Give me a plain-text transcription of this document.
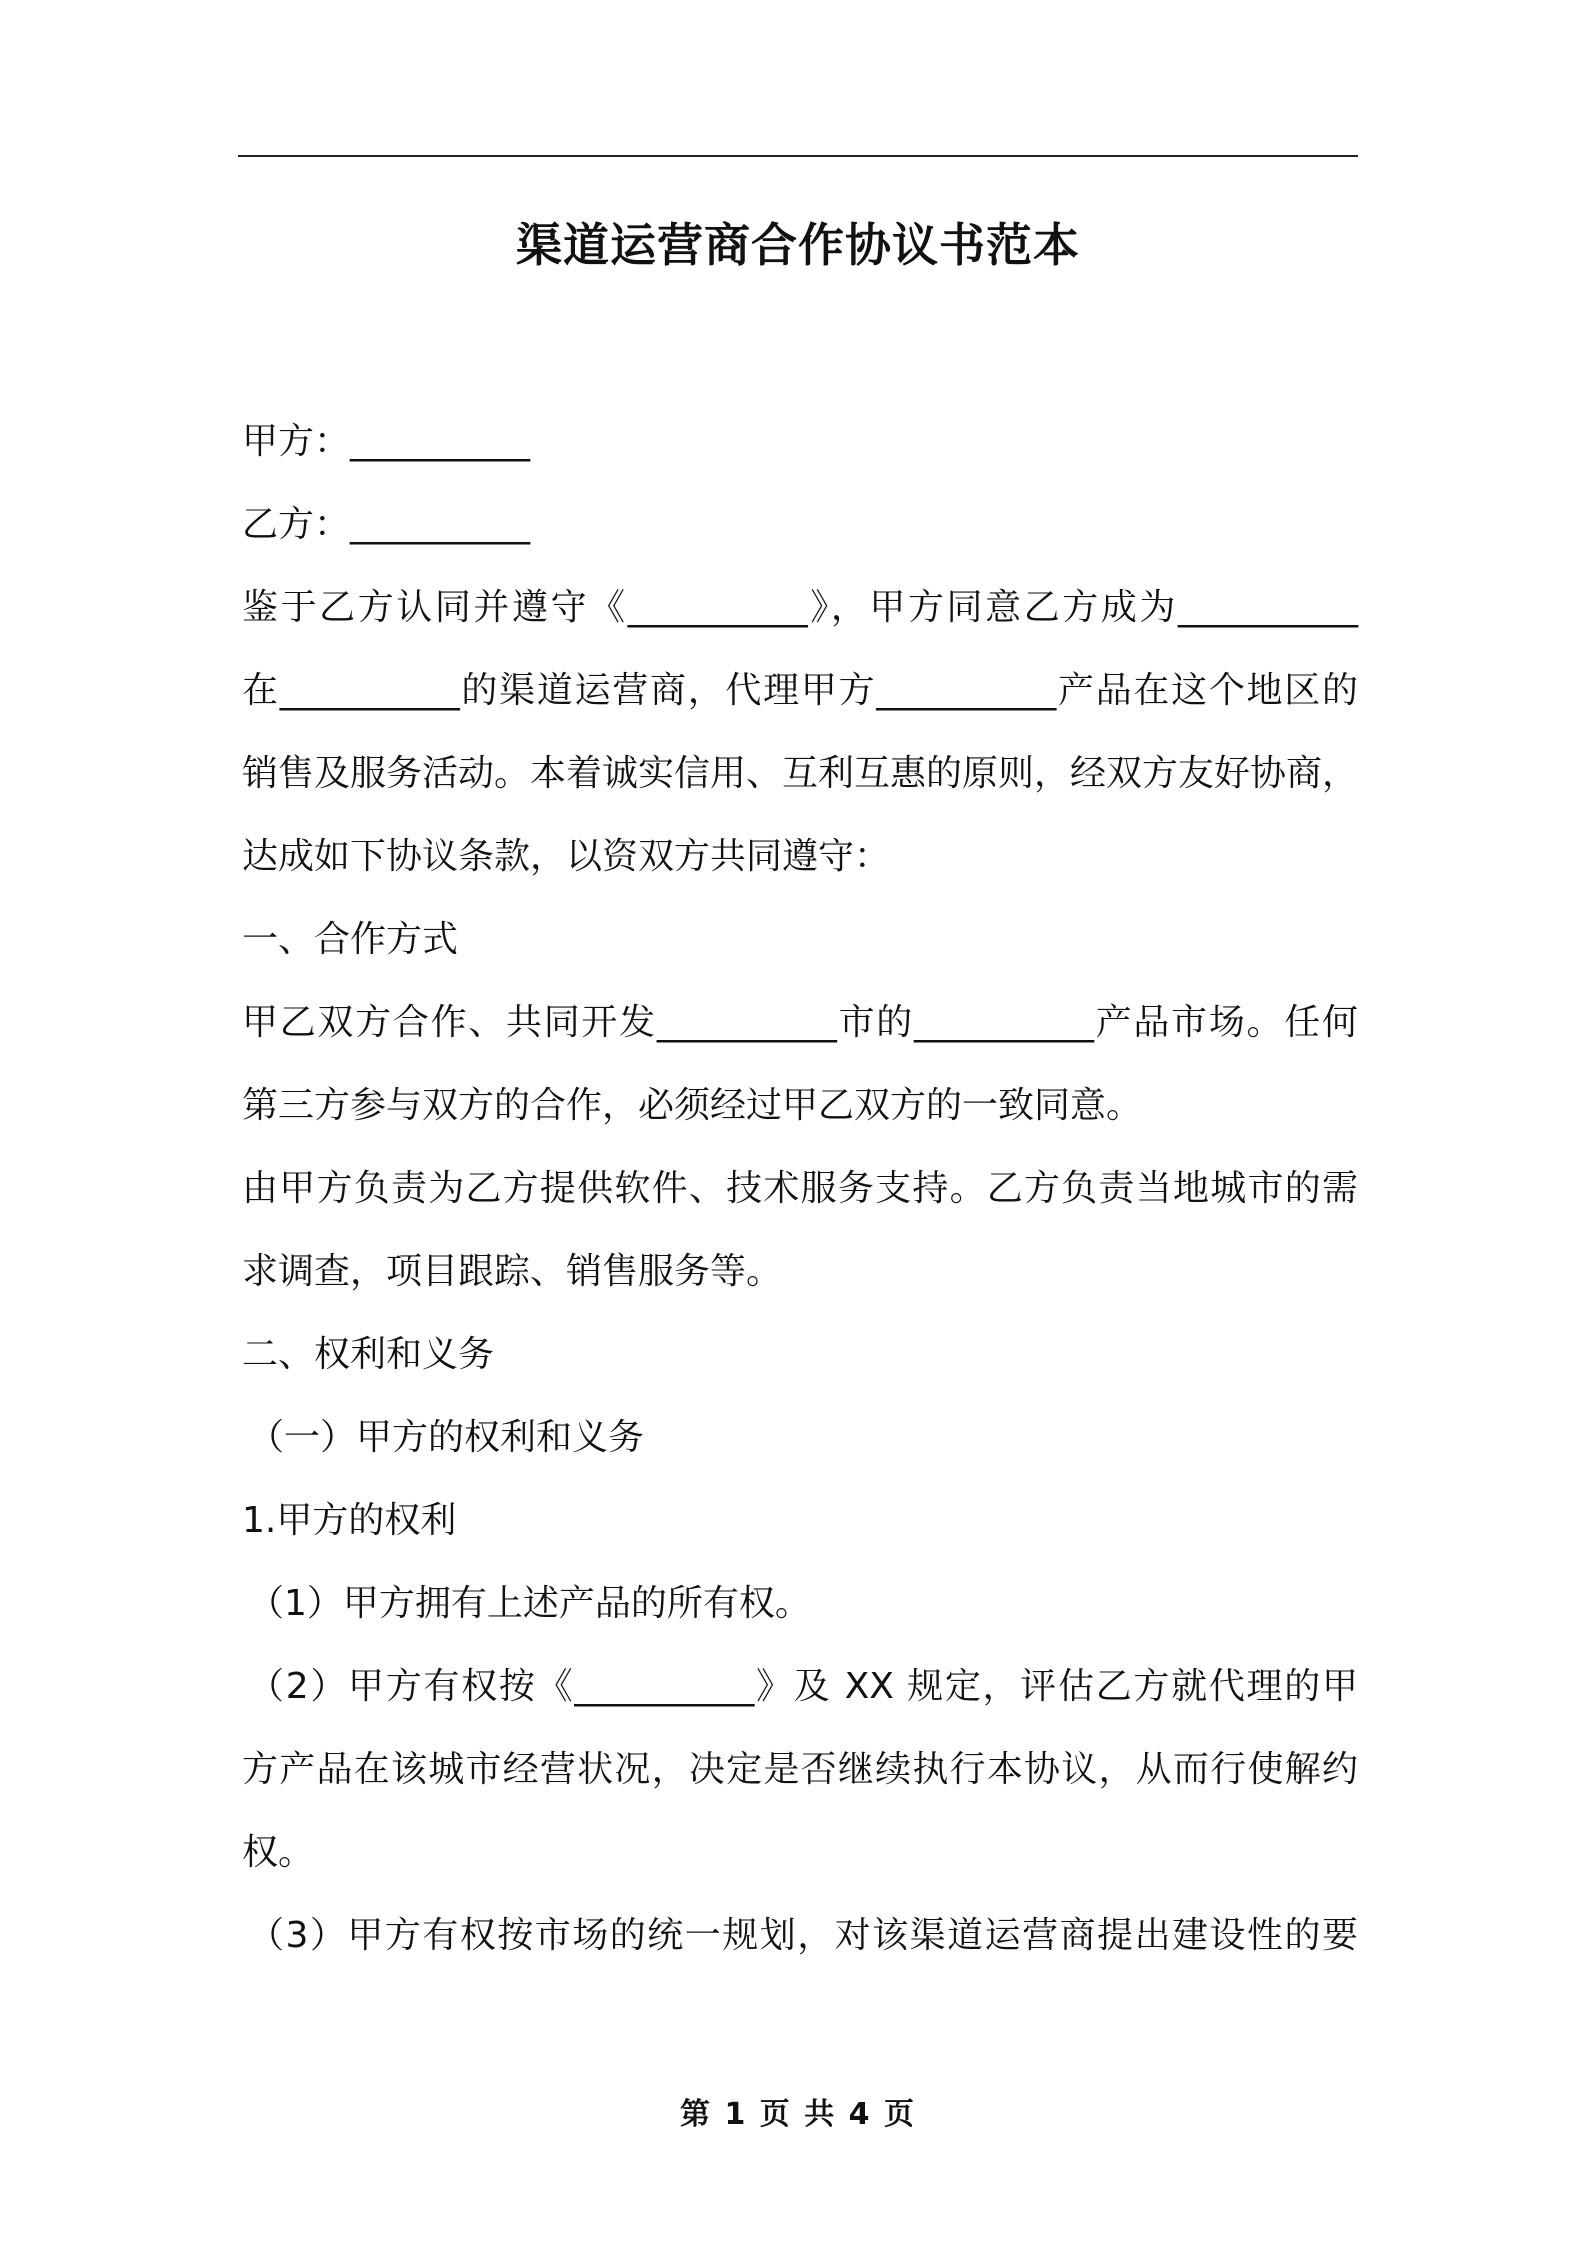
渠道运营商合作协议书范本
甲方：__________
乙方：__________
鉴于乙方认同并遵守《__________》，甲方同意乙方成为__________
在__________的渠道运营商，代理甲方__________产品在这个地区的
销售及服务活动。本着诚实信用、互利互惠的原则，经双方友好协商，
达成如下协议条款，以资双方共同遵守：
一、合作方式
甲乙双方合作、共同开发__________市的__________产品市场。任何
第三方参与双方的合作，必须经过甲乙双方的一致同意。
由甲方负责为乙方提供软件、技术服务支持。乙方负责当地城市的需
求调查，项目跟踪、销售服务等。
二、权利和义务
（一）甲方的权利和义务
1.甲方的权利
（1）甲方拥有上述产品的所有权。
（2）甲方有权按《__________》及 XX 规定，评估乙方就代理的甲
方产品在该城市经营状况，决定是否继续执行本协议，从而行使解约
权。
（3）甲方有权按市场的统一规划，对该渠道运营商提出建设性的要
第 1 页 共 4 页
